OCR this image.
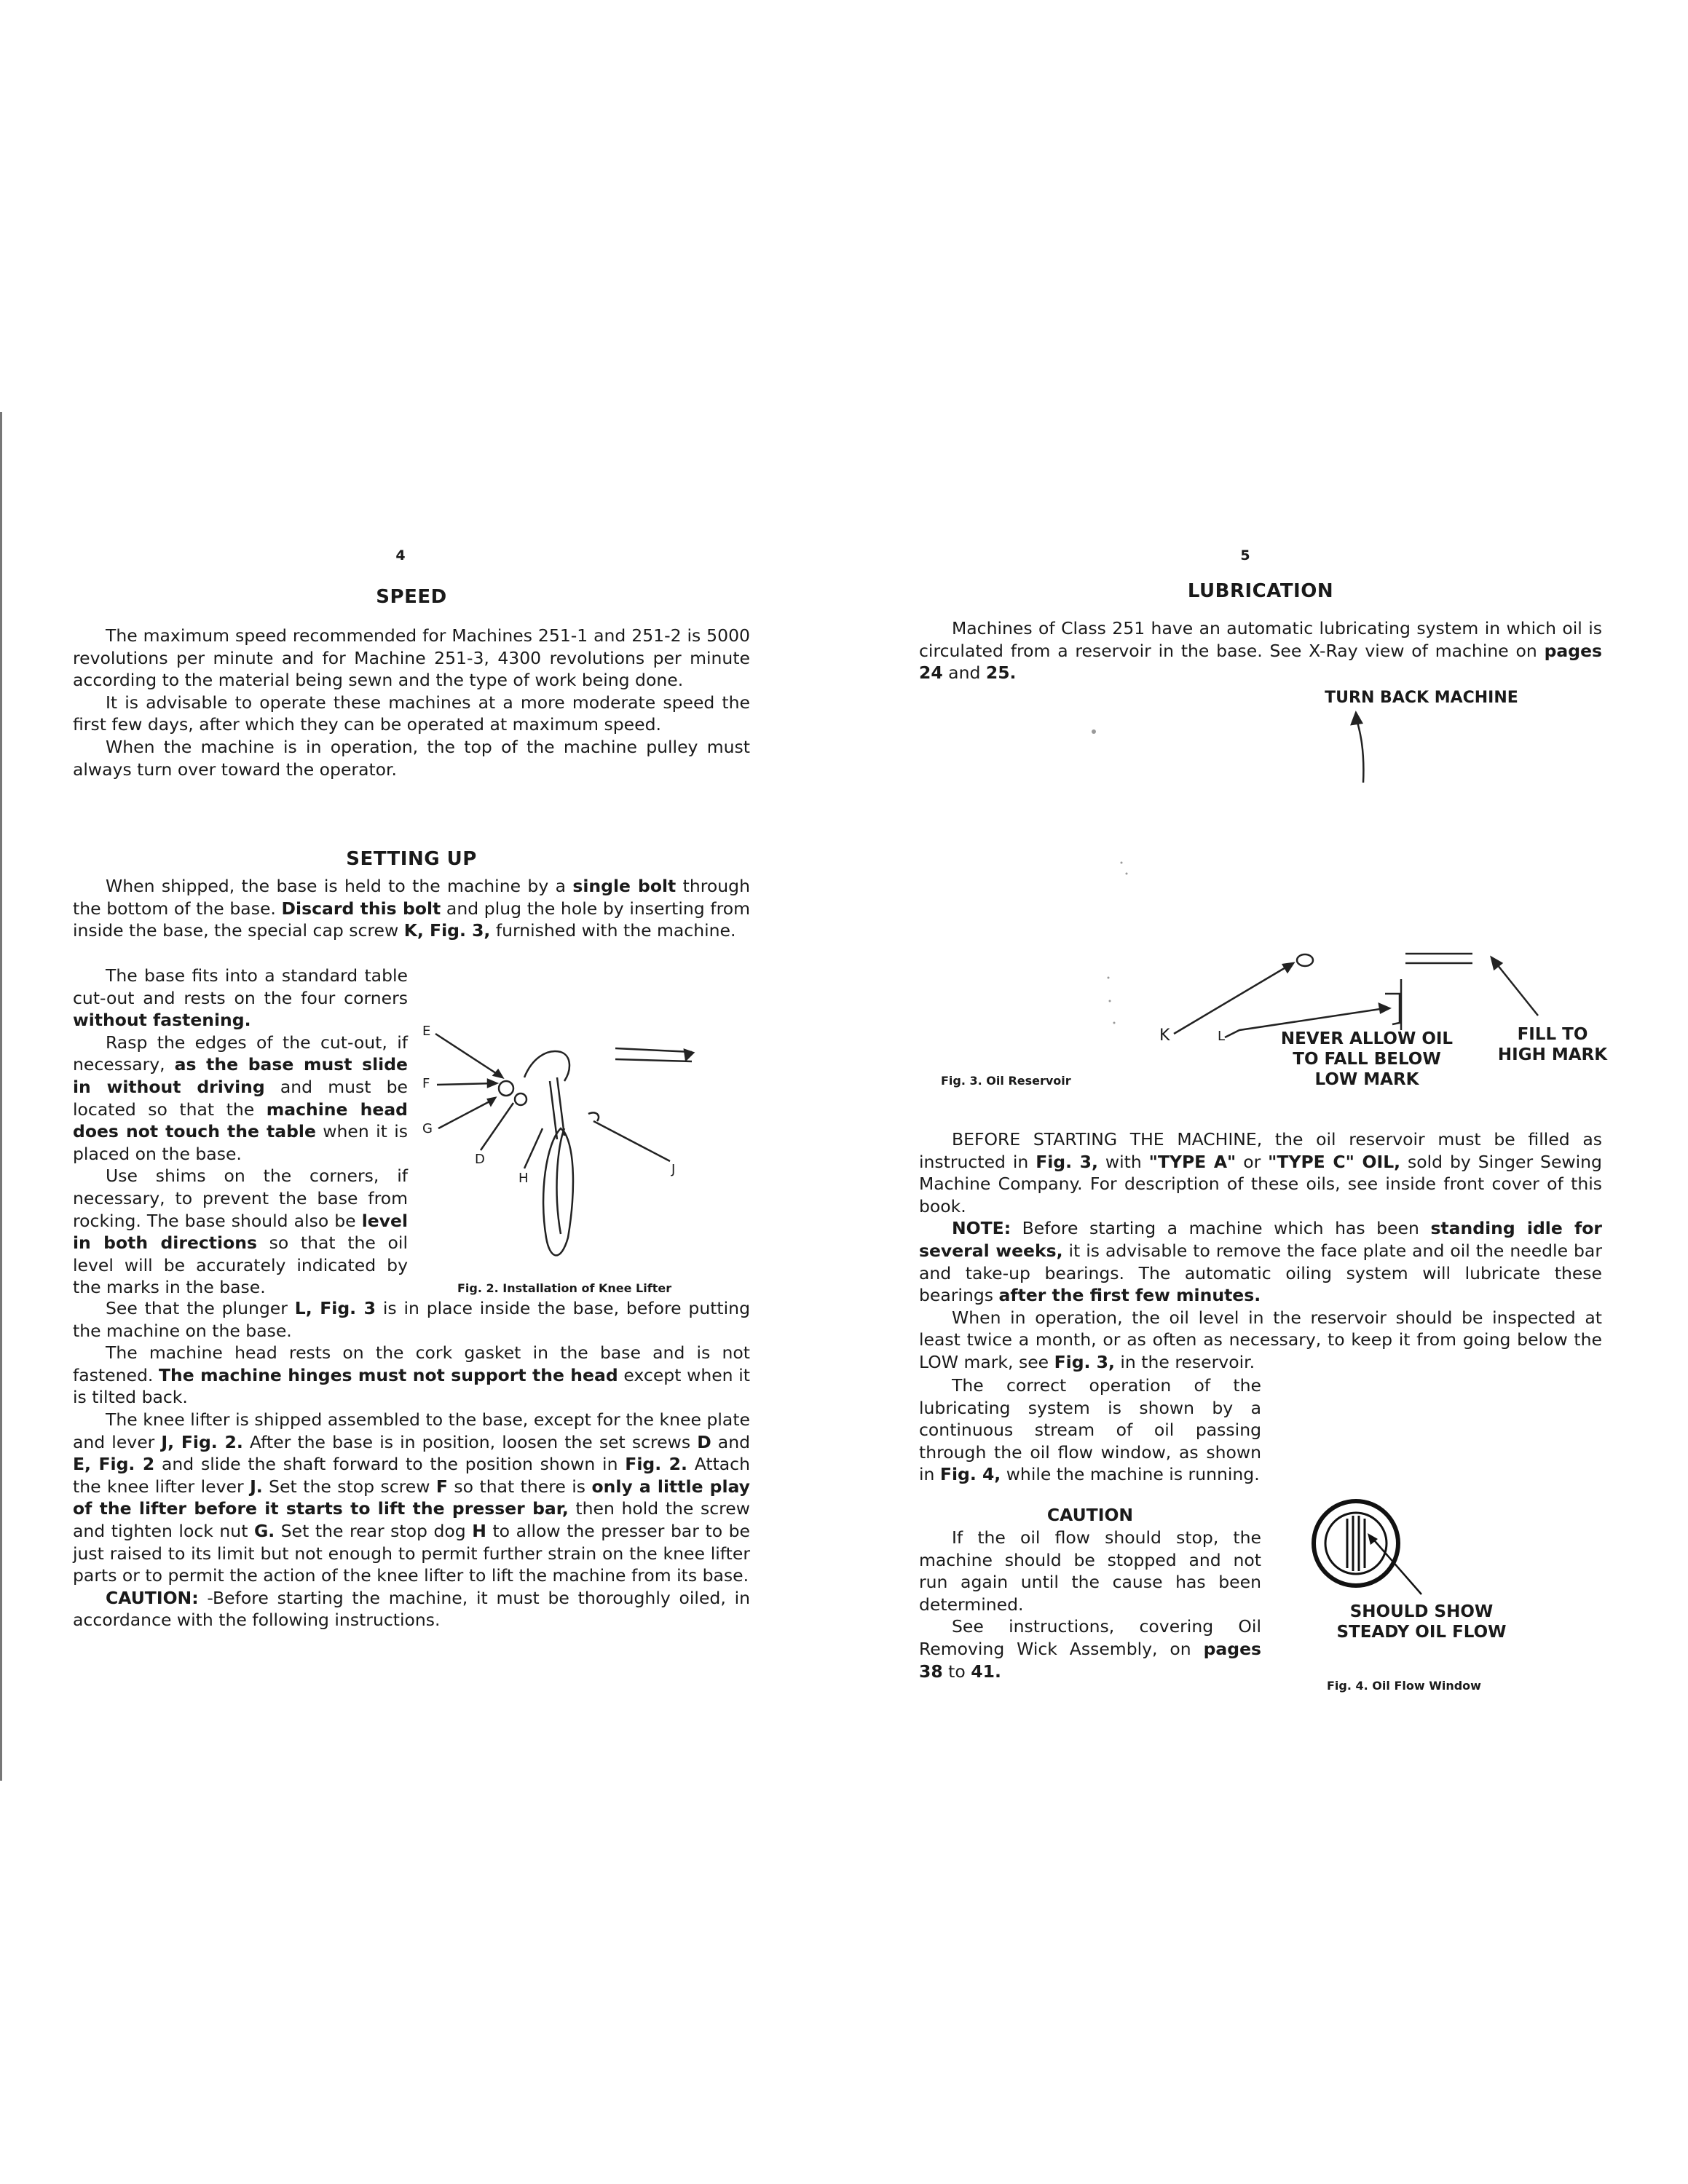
4
SPEED

The maximum speed recommended for Machines 251-1 and 251-2 is 5000 revolutions per minute and for Machine 251-3, 4300 revolutions per minute according to the material being sewn and the type of work being done.

It is advisable to operate these machines at a more moderate speed the first few days, after which they can be operated at maximum speed.

When the machine is in operation, the top of the machine pulley must always turn over toward the operator.

SETTING UP

When shipped, the base is held to the machine by a single bolt through the bottom of the base. Discard this bolt and plug the hole by inserting from inside the base, the special cap screw K, Fig. 3, furnished with the machine.

The base fits into a standard table cut-out and rests on the four corners without fastening.

Rasp the edges of the cut-out, if necessary, as the base must slide in without driving and must be located so that the machine head does not touch the table when it is placed on the base.

Use shims on the corners, if necessary, to prevent the base from rocking. The base should also be level in both directions so that the oil level will be accurately indicated by the marks in the base.

E
F
G
D
H
J
Fig. 2. Installation of Knee Lifter

See that the plunger L, Fig. 3 is in place inside the base, before putting the machine on the base.

The machine head rests on the cork gasket in the base and is not fastened. The machine hinges must not support the head except when it is tilted back.

The knee lifter is shipped assembled to the base, except for the knee plate and lever J, Fig. 2. After the base is in position, loosen the set screws D and E, Fig. 2 and slide the shaft forward to the position shown in Fig. 2. Attach the knee lifter lever J. Set the stop screw F so that there is only a little play of the lifter before it starts to lift the presser bar, then hold the screw and tighten lock nut G. Set the rear stop dog H to allow the presser bar to be just raised to its limit but not enough to permit further strain on the knee lifter parts or to permit the action of the knee lifter to lift the machine from its base.

CAUTION: -Before starting the machine, it must be thoroughly oiled, in accordance with the following instructions.

5
LUBRICATION

Machines of Class 251 have an automatic lubricating system in which oil is circulated from a reservoir in the base. See X-Ray view of machine on pages 24 and 25.

TURN BACK MACHINE
K	L	NEVER ALLOW OIL TO FALL BELOW LOW MARK
FILL TO HIGH MARK
Fig. 3. Oil Reservoir

BEFORE STARTING THE MACHINE, the oil reservoir must be filled as instructed in Fig. 3, with "TYPE A" or "TYPE C" OIL, sold by Singer Sewing Machine Company. For description of these oils, see inside front cover of this book.

NOTE: Before starting a machine which has been standing idle for several weeks, it is advisable to remove the face plate and oil the needle bar and take-up bearings. The automatic oiling system will lubricate these bearings after the first few minutes.

When in operation, the oil level in the reservoir should be inspected at least twice a month, or as often as necessary, to keep it from going below the LOW mark, see Fig. 3, in the reservoir.

The correct operation of the lubricating system is shown by a continuous stream of oil passing through the oil flow window, as shown in Fig. 4, while the machine is running.

CAUTION

If the oil flow should stop, the machine should be stopped and not run again until the cause has been determined.

See instructions, covering Oil Removing Wick Assembly, on pages 38 to 41.

SHOULD SHOW STEADY OIL FLOW
Fig. 4. Oil Flow Window
